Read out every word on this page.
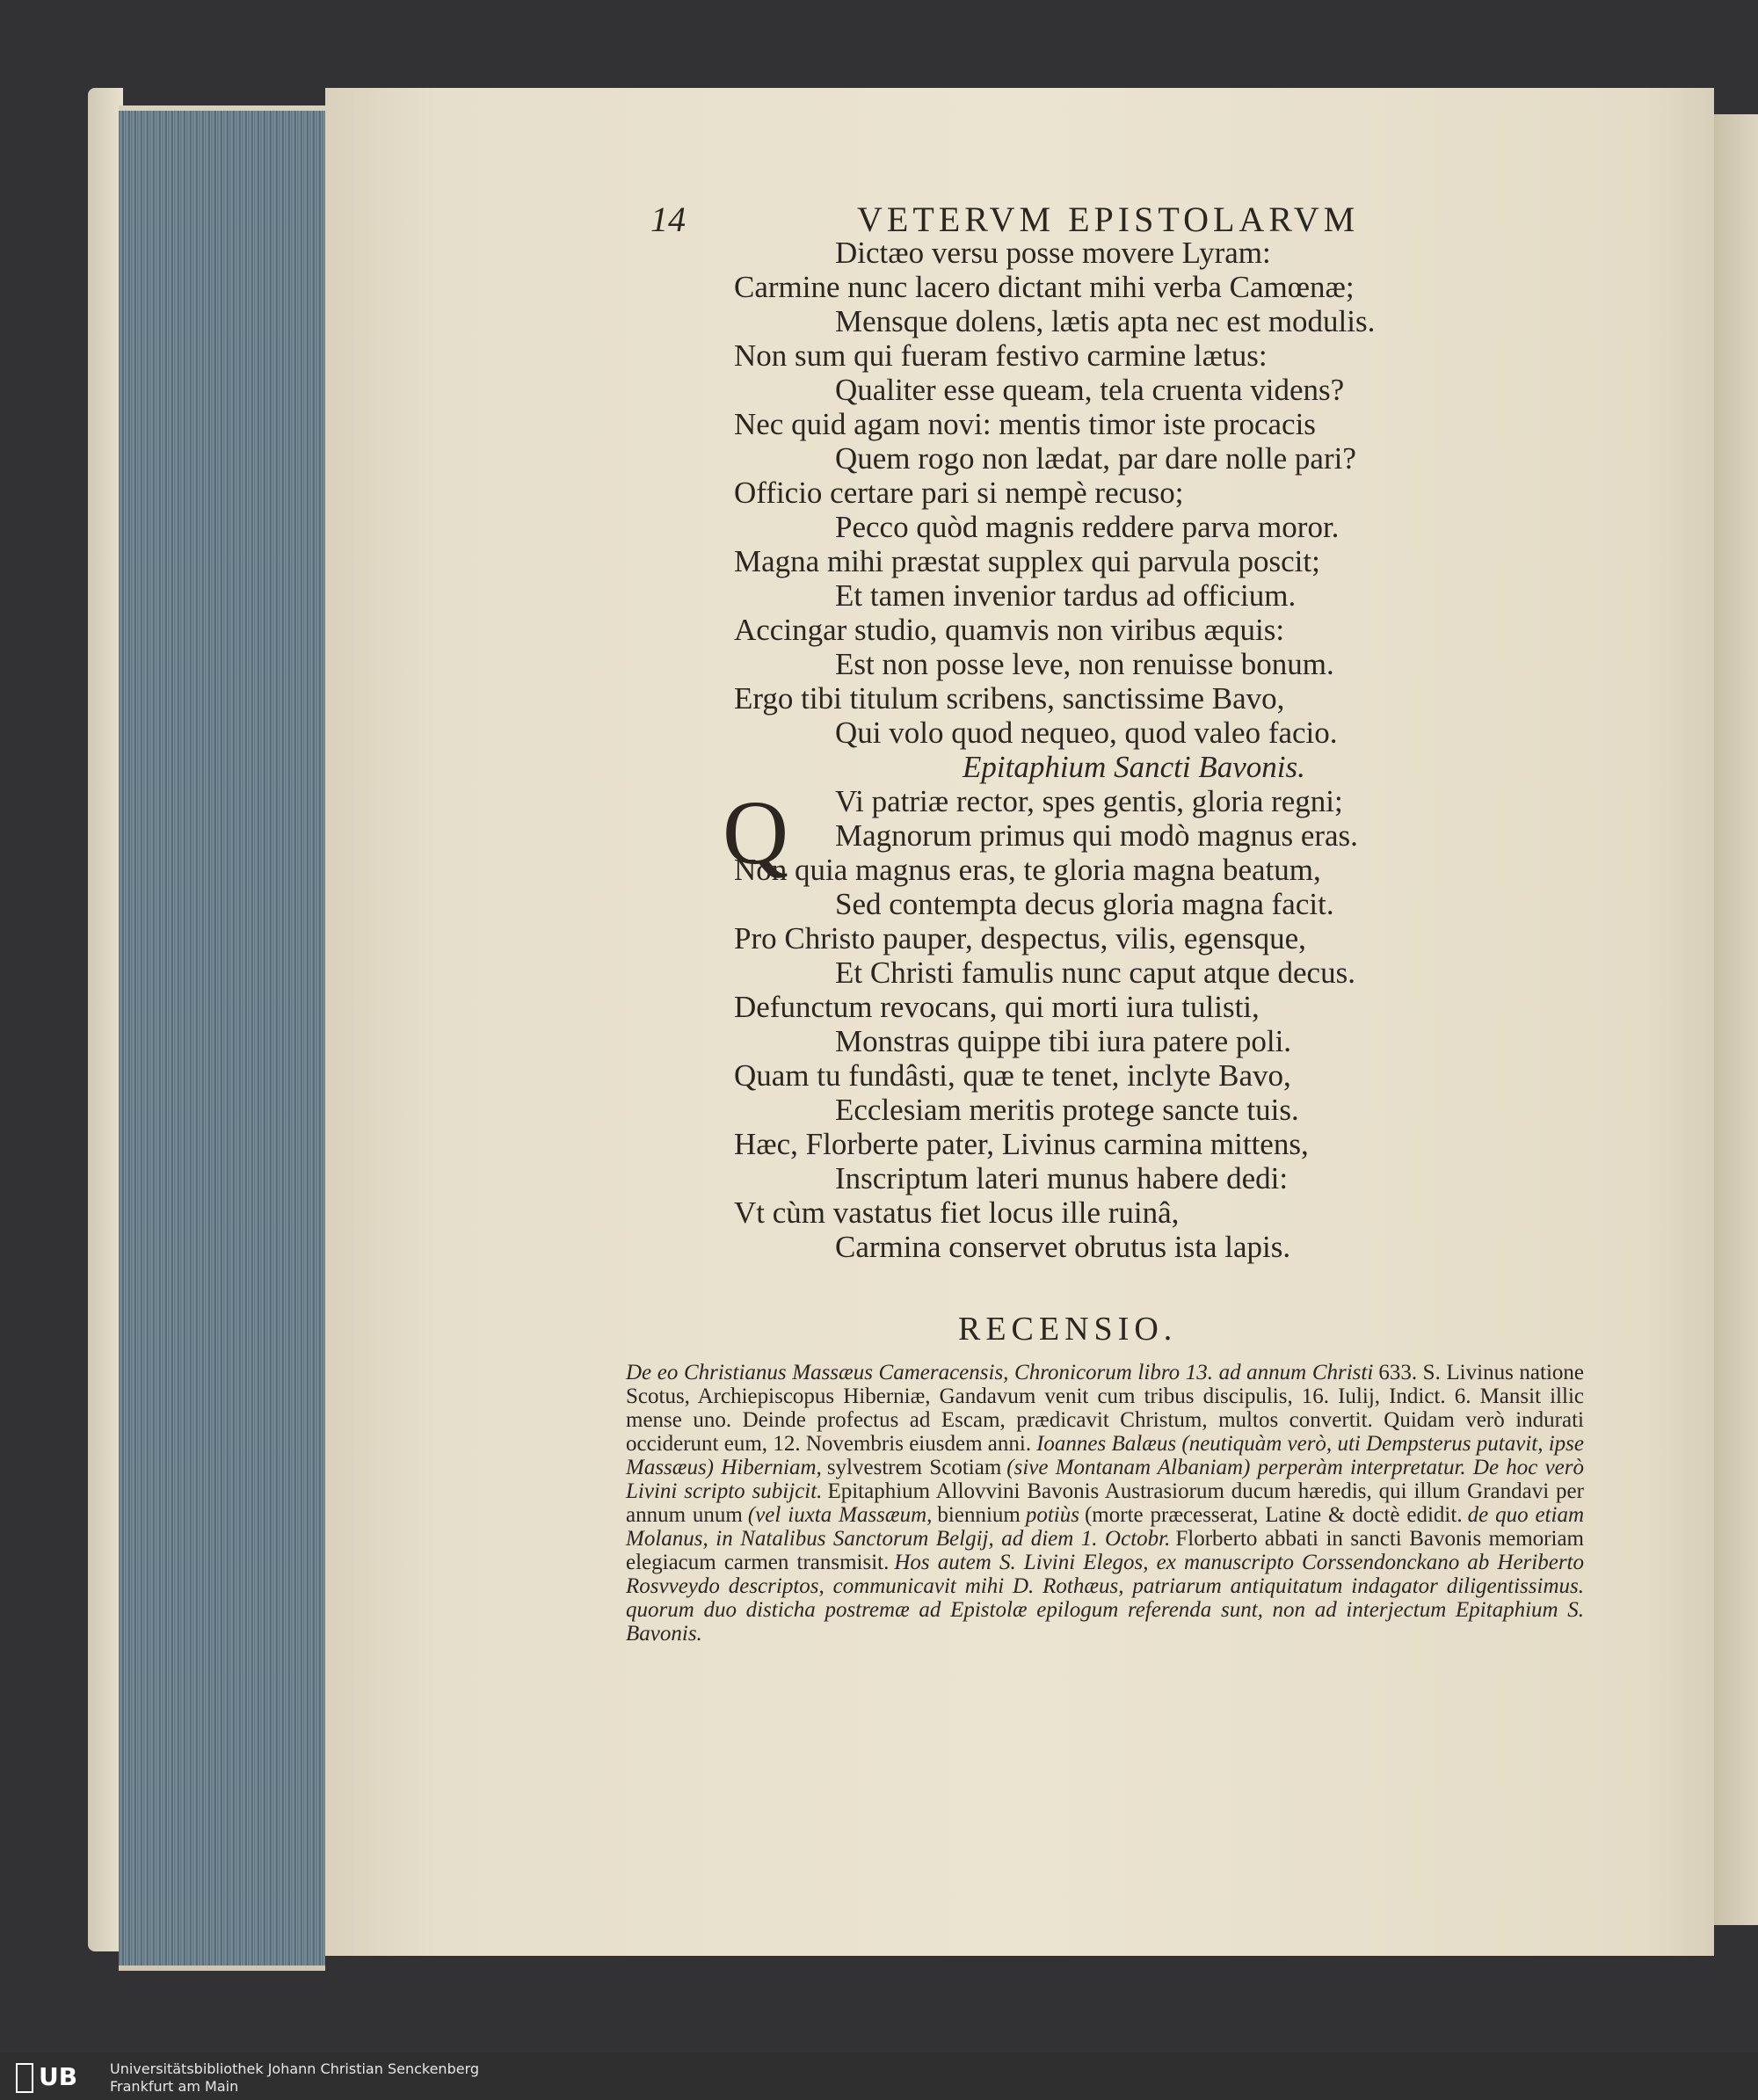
14	VETERVM EPISTOLARVM
Dictæo versu posse movere Lyram:
Carmine nunc lacero dictant mihi verba Camœnæ;
Mensque dolens, lætis apta nec est modulis.
Non sum qui fueram festivo carmine lætus:
Qualiter esse queam, tela cruenta videns?
Nec quid agam novi: mentis timor iste procacis
Quem rogo non lædat, par dare nolle pari?
Officio certare pari si nempè recuso;
Pecco quòd magnis reddere parva moror.
Magna mihi præstat supplex qui parvula poscit;
Et tamen invenior tardus ad officium.
Accingar studio, quamvis non viribus æquis:
Est non posse leve, non renuisse bonum.
Ergo tibi titulum scribens, sanctissime Bavo,
Qui volo quod nequeo, quod valeo facio.
Epitaphium Sancti Bavonis.
Vi patriæ rector, spes gentis, gloria regni;
Magnorum primus qui modò magnus eras.
Non quia magnus eras, te gloria magna beatum,
Sed contempta decus gloria magna facit.
Pro Christo pauper, despectus, vilis, egensque,
Et Christi famulis nunc caput atque decus.
Defunctum revocans, qui morti iura tulisti,
Monstras quippe tibi iura patere poli.
Quam tu fundâsti, quæ te tenet, inclyte Bavo,
Ecclesiam meritis protege sancte tuis.
Hæc, Florberte pater, Livinus carmina mittens,
Inscriptum lateri munus habere dedi:
Vt cùm vastatus fiet locus ille ruinâ,
Carmina conservet obrutus ista lapis.
Q
RECENSIO.
De eo Christianus Massæus Cameracensis, Chronicorum libro 13. ad annum Christi 633. S. Livinus natione Scotus, Archiepiscopus Hiberniæ, Gandavum venit cum tribus discipulis, 16. Iulij, Indict. 6. Mansit illic mense uno. Deinde profectus ad Escam, prædicavit Christum, multos convertit. Quidam verò indurati occiderunt eum, 12. Novembris eiusdem anni. Ioannes Balæus (neutiquàm verò, uti Dempsterus putavit, ipse Massæus) Hiberniam, sylvestrem Scotiam (sive Montanam Albaniam) perperàm interpretatur. De hoc verò Livini scripto subijcit. Epitaphium Allovvini Bavonis Austrasiorum ducum hæredis, qui illum Grandavi per annum unum (vel iuxta Massæum, biennium potiùs (morte præcesserat, Latine & doctè edidit. de quo etiam Molanus, in Natalibus Sanctorum Belgij, ad diem 1. Octobr. Florberto abbati in sancti Bavonis memoriam elegiacum carmen transmisit. Hos autem S. Livini Elegos, ex manuscripto Corssendonckano ab Heriberto Rosvveydo descriptos, communicavit mihi D. Rothæus, patriarum antiquitatum indagator diligentissimus. quorum duo disticha postremæ ad Epistolæ epilogum referenda sunt, non ad interjectum Epitaphium S. Bavonis.
UB	Universitätsbibliothek Johann Christian Senckenberg
Frankfurt am Main
